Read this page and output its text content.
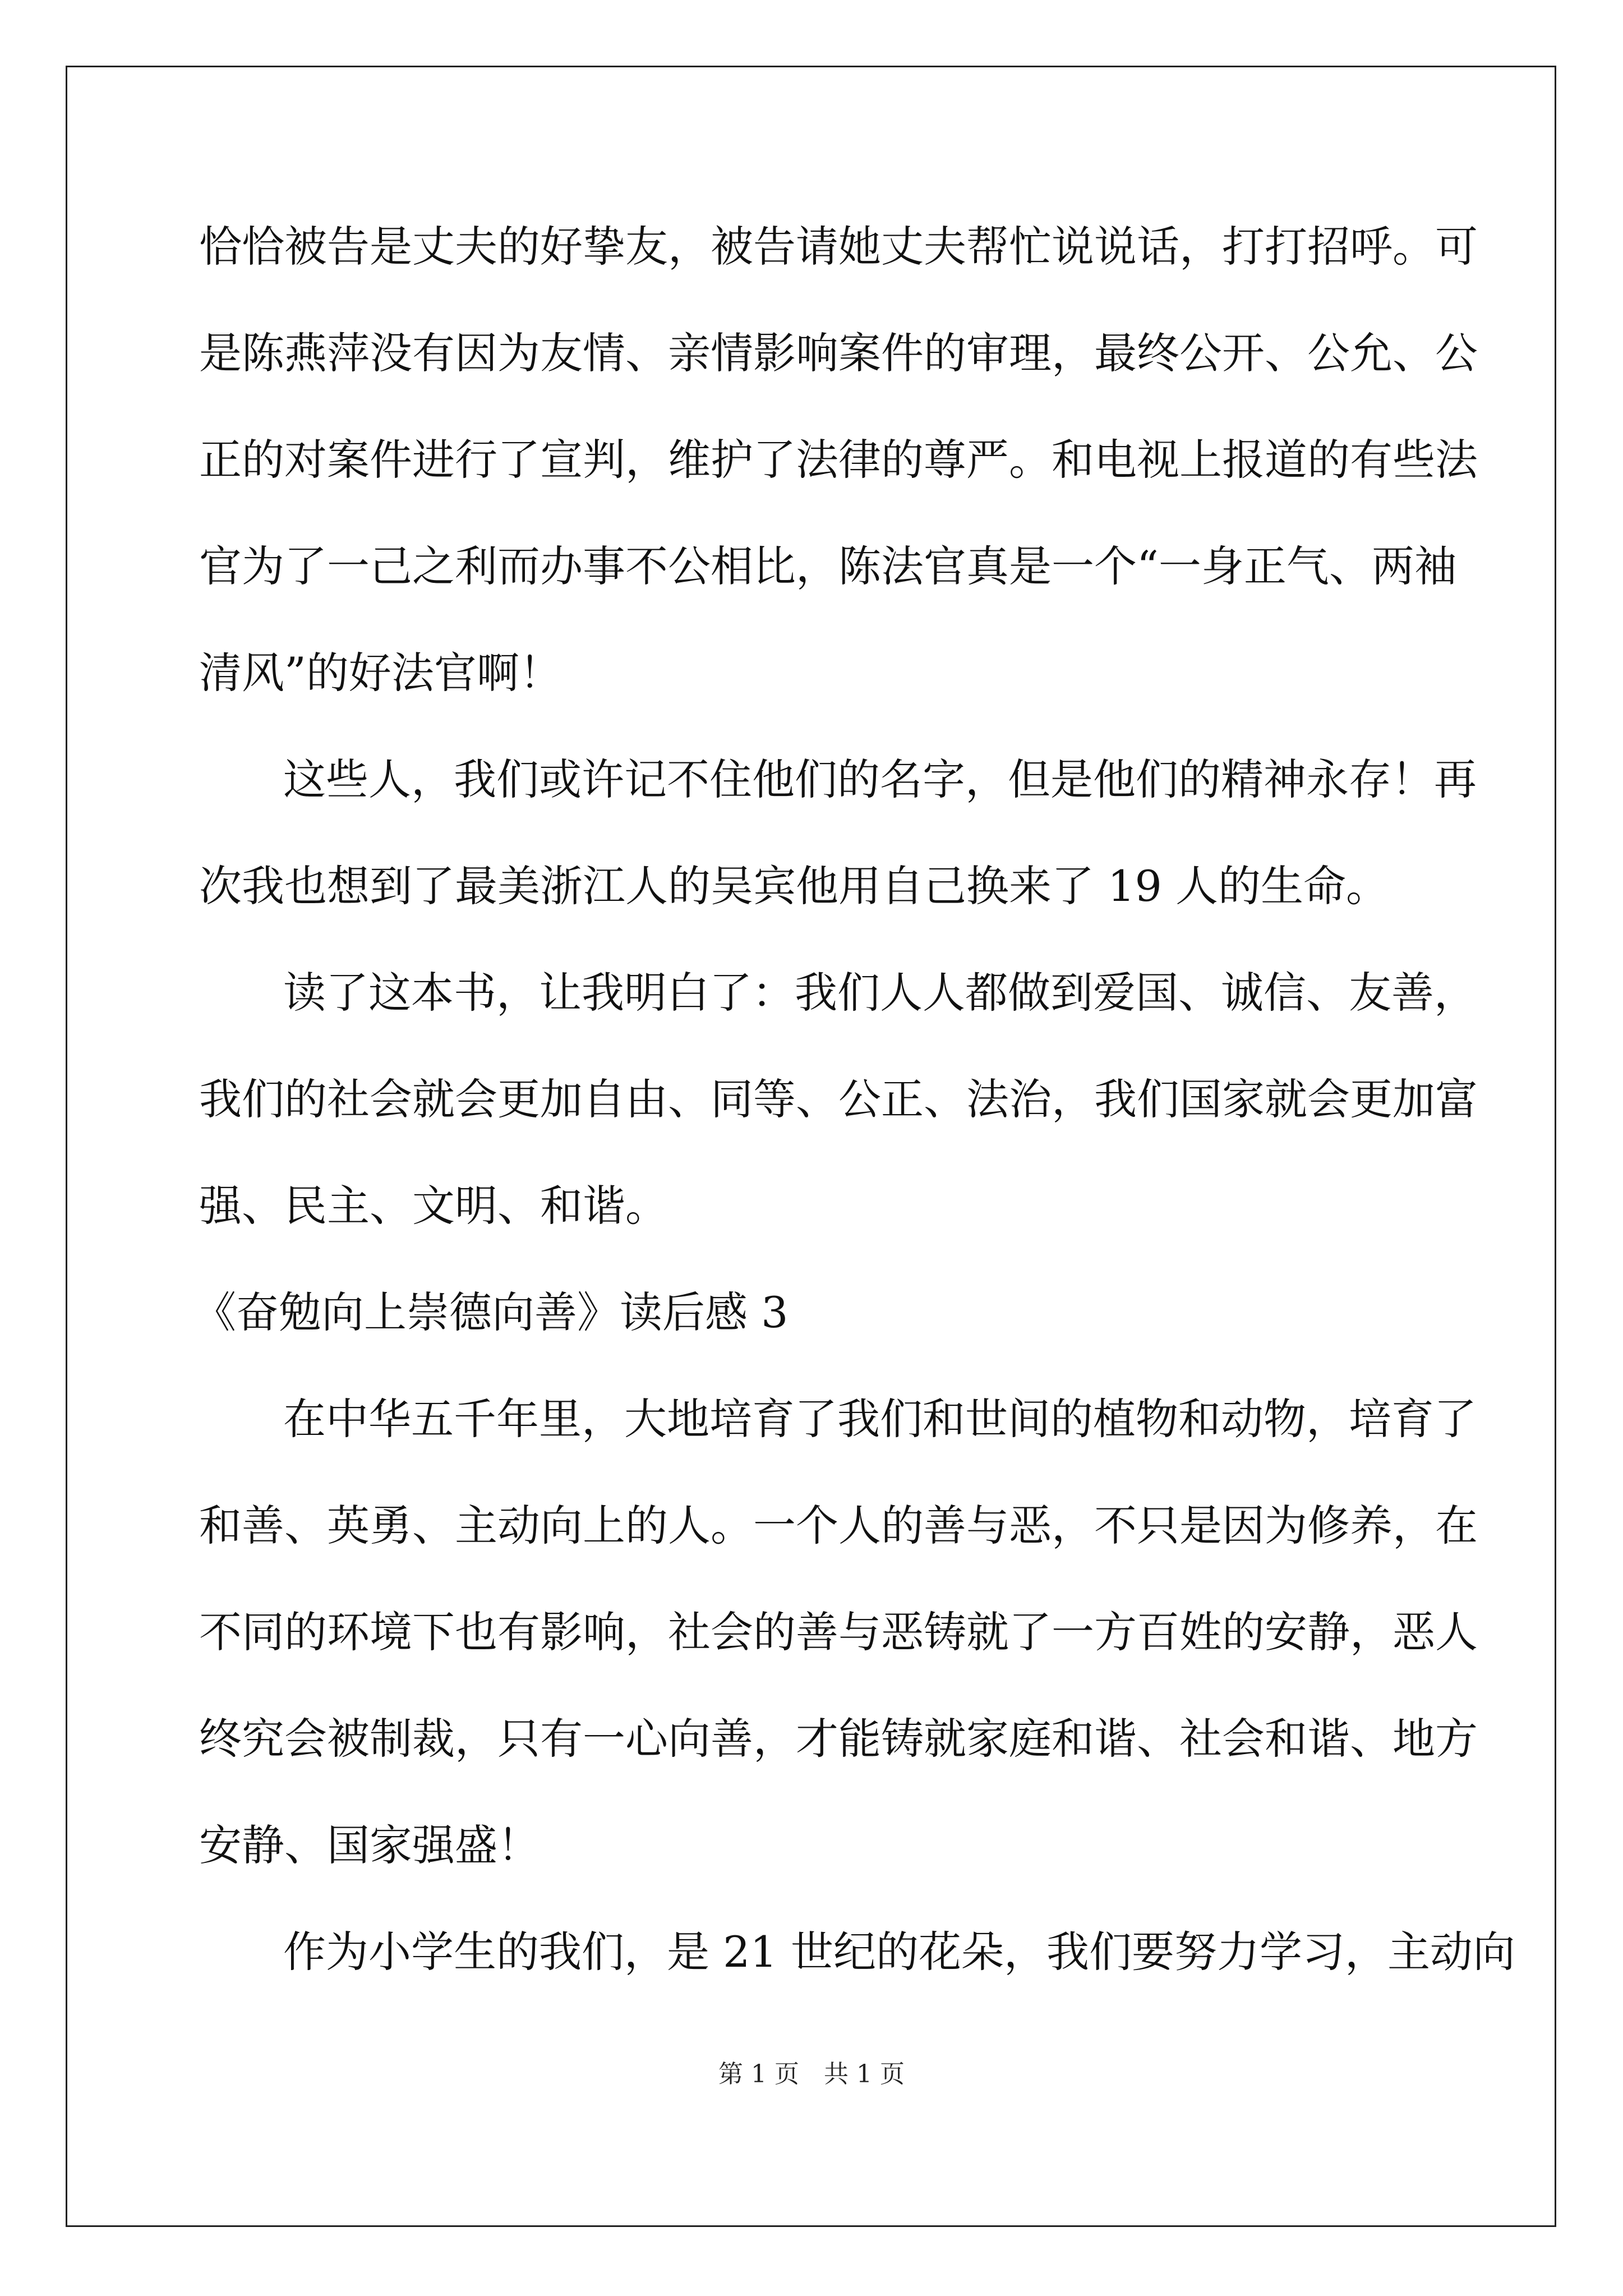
恰恰被告是丈夫的好挚友，被告请她丈夫帮忙说说话，打打招呼。可
是陈燕萍没有因为友情、亲情影响案件的审理，最终公开、公允、公
正的对案件进行了宣判，维护了法律的尊严。和电视上报道的有些法
官为了一己之利而办事不公相比，陈法官真是一个“一身正气、两袖
清风”的好法官啊！
这些人，我们或许记不住他们的名字，但是他们的精神永存！再
次我也想到了最美浙江人的吴宾他用自己换来了 19 人的生命。
读了这本书，让我明白了：我们人人都做到爱国、诚信、友善，
我们的社会就会更加自由、同等、公正、法治，我们国家就会更加富
强、民主、文明、和谐。
《奋勉向上崇德向善》读后感 3
在中华五千年里，大地培育了我们和世间的植物和动物，培育了
和善、英勇、主动向上的人。一个人的善与恶，不只是因为修养，在
不同的环境下也有影响，社会的善与恶铸就了一方百姓的安静，恶人
终究会被制裁，只有一心向善，才能铸就家庭和谐、社会和谐、地方
安静、国家强盛！
作为小学生的我们，是 21 世纪的花朵，我们要努力学习，主动向
第 1 页　共 1 页
